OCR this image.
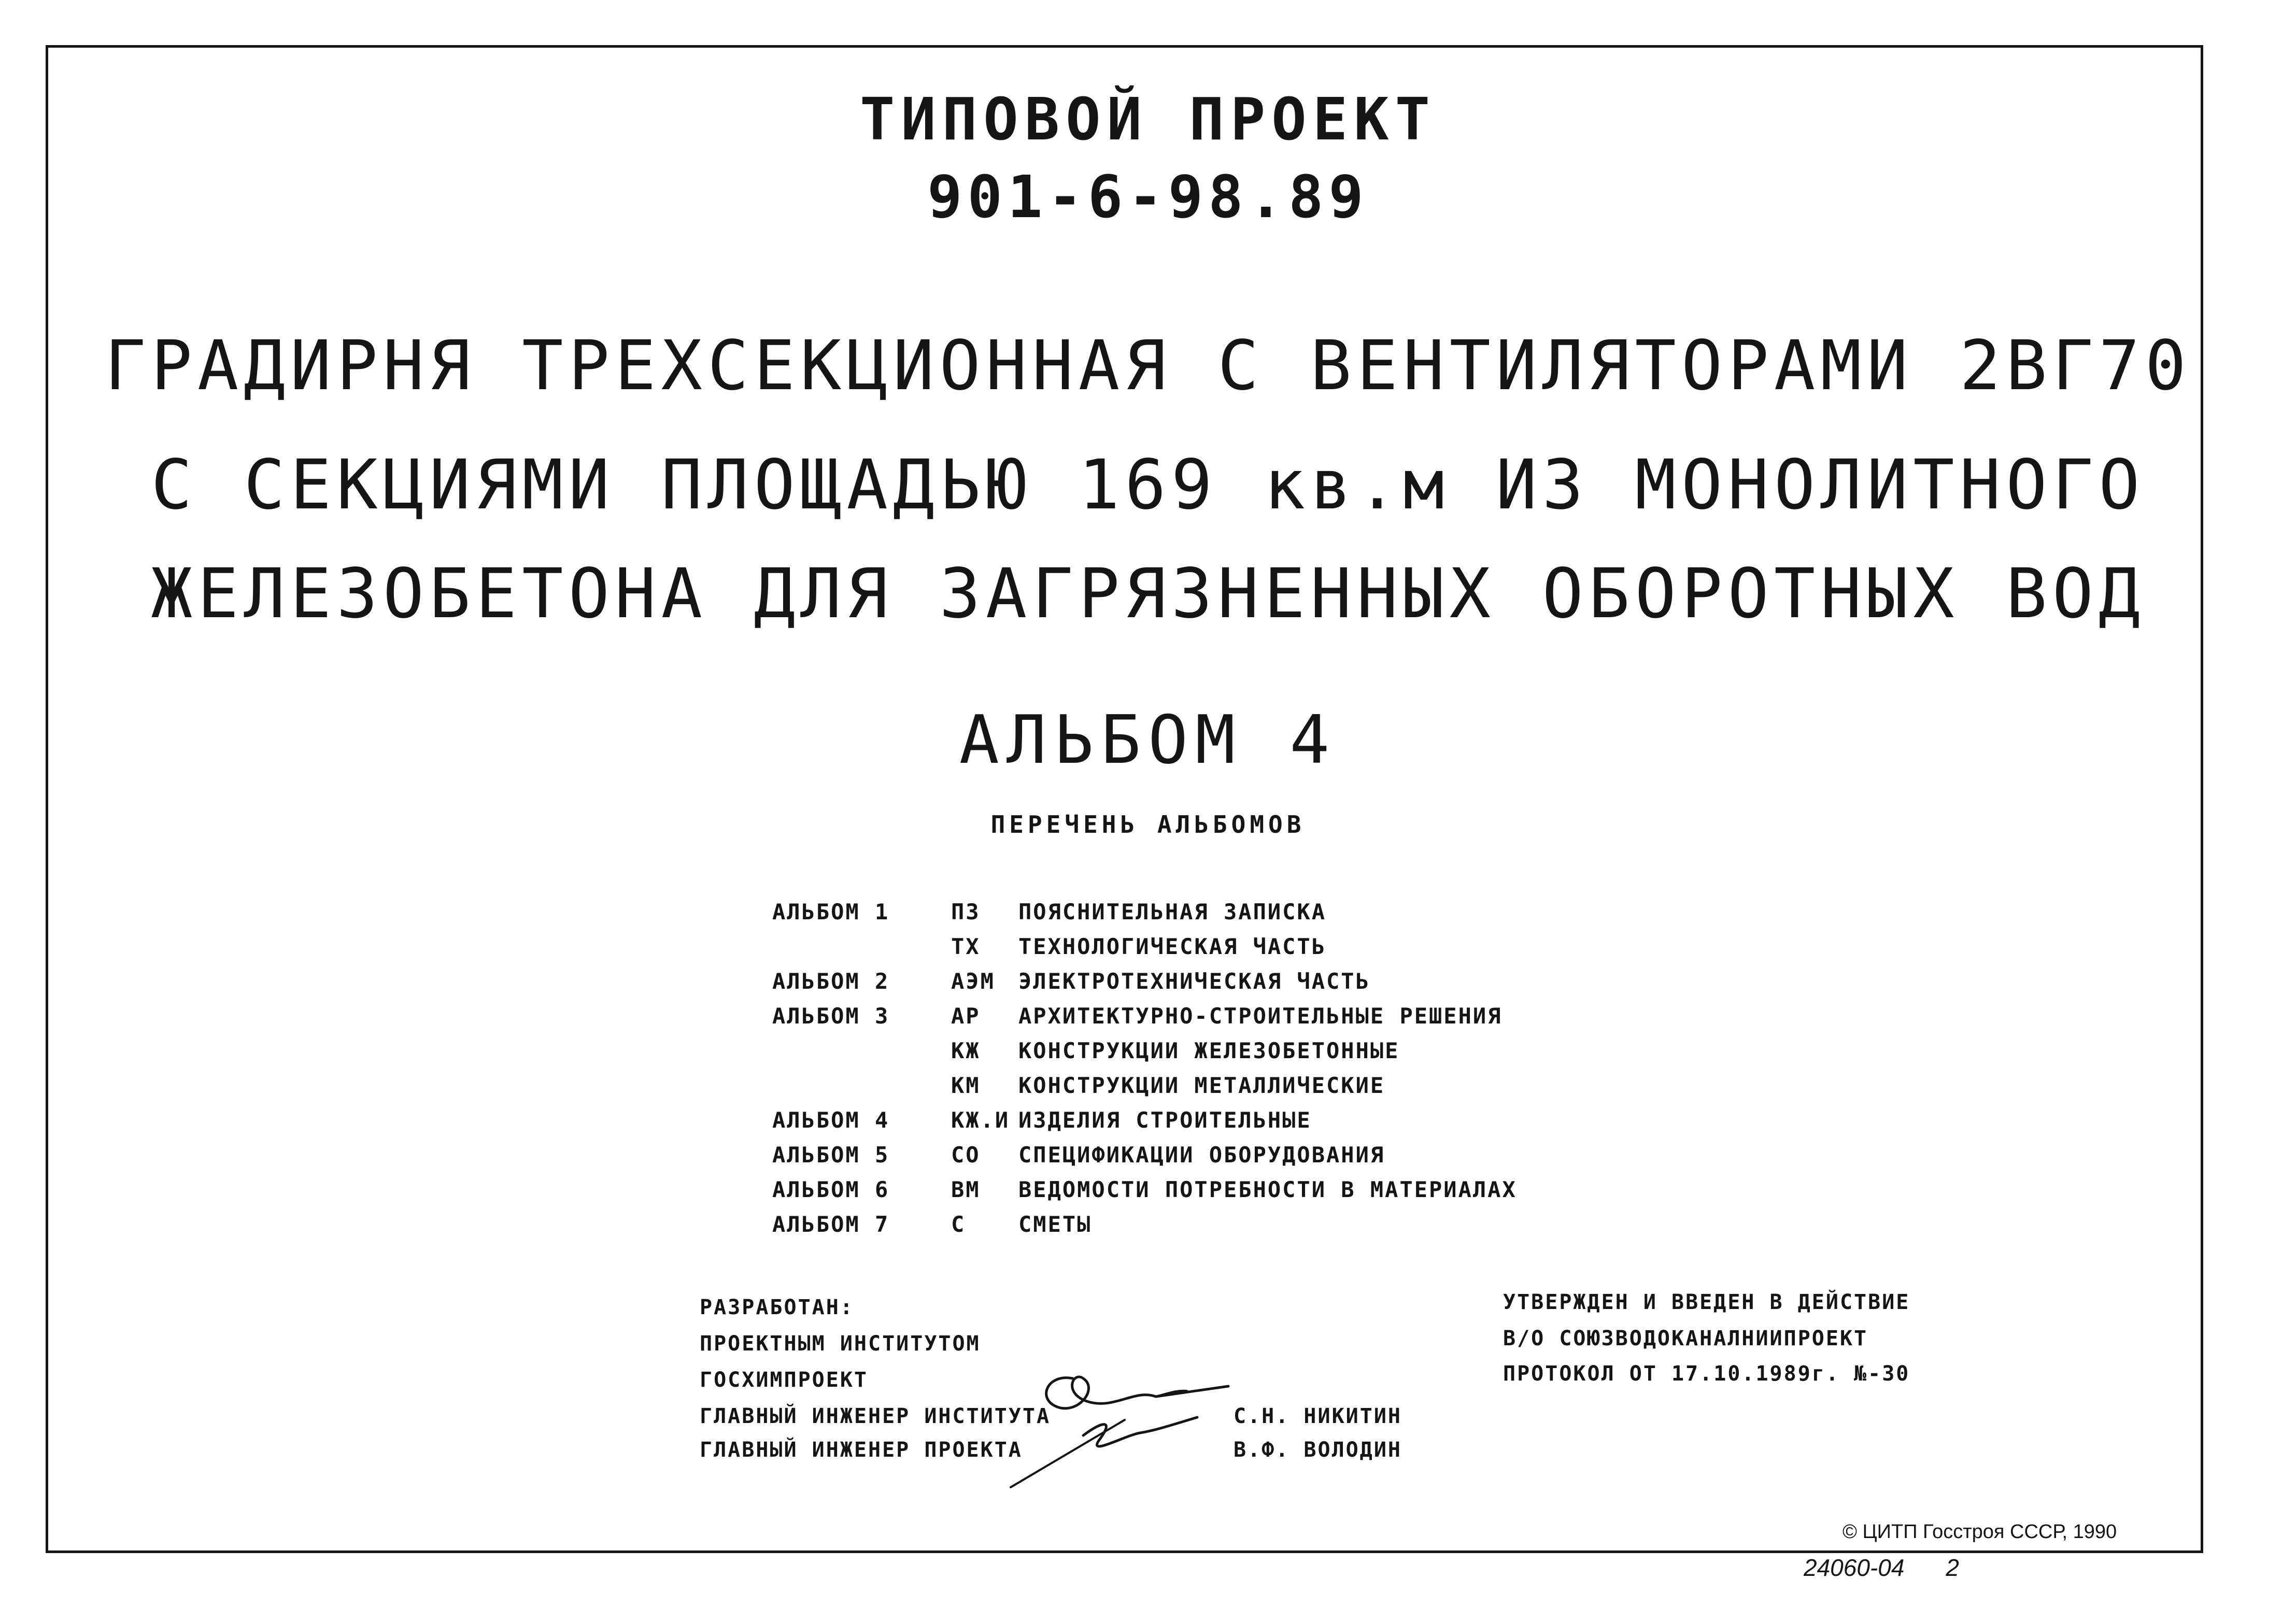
ТИПОВОЙ ПРОЕКТ
901-6-98.89
ГРАДИРНЯ ТРЕХСЕКЦИОННАЯ С ВЕНТИЛЯТОРАМИ 2ВГ70
С СЕКЦИЯМИ ПЛОЩАДЬЮ 169 кв.м ИЗ МОНОЛИТНОГО
ЖЕЛЕЗОБЕТОНА ДЛЯ ЗАГРЯЗНЕННЫХ ОБОРОТНЫХ ВОД
АЛЬБОМ 4
ПЕРЕЧЕНЬ АЛЬБОМОВ
АЛЬБОМ 1	ПЗ ПОЯСНИТЕЛЬНАЯ ЗАПИСКА
ТХ ТЕХНОЛОГИЧЕСКАЯ ЧАСТЬ
АЛЬБОМ 2	АЭМ ЭЛЕКТРОТЕХНИЧЕСКАЯ ЧАСТЬ
АЛЬБОМ 3	АР АРХИТЕКТУРНО-СТРОИТЕЛЬНЫЕ РЕШЕНИЯ
КЖ КОНСТРУКЦИИ ЖЕЛЕЗОБЕТОННЫЕ
КМ КОНСТРУКЦИИ МЕТАЛЛИЧЕСКИЕ
АЛЬБОМ 4	КЖ.И ИЗДЕЛИЯ СТРОИТЕЛЬНЫЕ
АЛЬБОМ 5	СО СПЕЦИФИКАЦИИ ОБОРУДОВАНИЯ
АЛЬБОМ 6	ВМ ВЕДОМОСТИ ПОТРЕБНОСТИ В МАТЕРИАЛАХ
АЛЬБОМ 7	С СМЕТЫ
РАЗРАБОТАН:
ПРОЕКТНЫМ ИНСТИТУТОМ
ГОСХИМПРОЕКТ
ГЛАВНЫЙ ИНЖЕНЕР ИНСТИТУТА	С.Н. НИКИТИН
ГЛАВНЫЙ ИНЖЕНЕР ПРОЕКТА	В.Ф. ВОЛОДИН
УТВЕРЖДЕН И ВВЕДЕН В ДЕЙСТВИЕ
В/О СОЮЗВОДОКАНАЛНИИПРОЕКТ
ПРОТОКОЛ ОТ 17.10.1989г. №-30
© ЦИТП Госстроя СССР, 1990
24060-04 2
